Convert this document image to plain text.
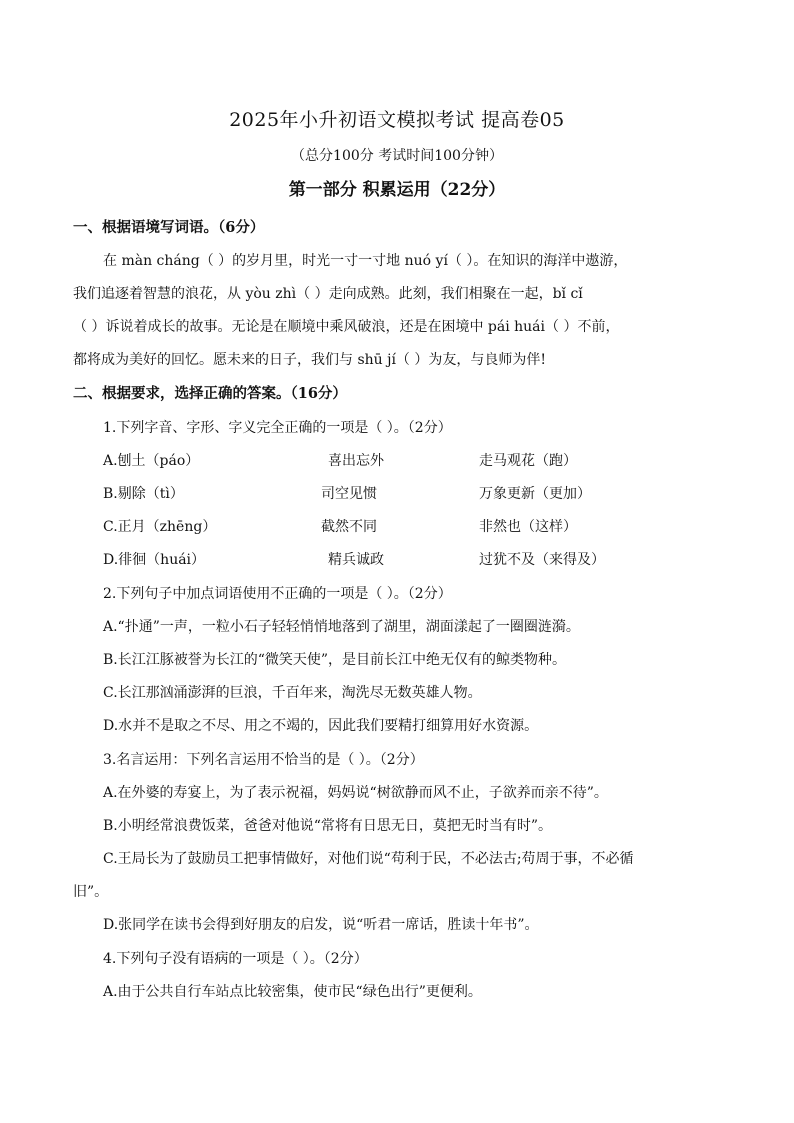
2025年小升初语文模拟考试 提高卷05
（总分100分 考试时间100分钟）
第一部分 积累运用（22分）
一、根据语境写词语。（6分）
在 màn cháng（ ）的岁月里，时光一寸一寸地 nuó yí（ ）。在知识的海洋中遨游，
我们追逐着智慧的浪花，从 yòu zhì（ ）走向成熟。此刻，我们相聚在一起，bǐ cǐ
（ ）诉说着成长的故事。无论是在顺境中乘风破浪，还是在困境中 pái huái（ ）不前，
都将成为美好的回忆。愿未来的日子，我们与 shū jí（ ）为友，与良师为伴!
二、根据要求，选择正确的答案。（16分）
1.下列字音、字形、字义完全正确的一项是（ ）。（2分）
A.刨土（páo）	喜出忘外	走马观花（跑）
B.剔除（tì）	司空见惯	万象更新（更加）
C.正月（zhēng）	截然不同	非然也（这样）
D.徘徊（huái）	精兵诚政	过犹不及（来得及）
2.下列句子中加点词语使用不正确的一项是（ ）。（2分）
A.“扑通”一声，一粒小石子轻轻悄悄地落到了湖里，湖面漾起了一圈圈涟漪。
B.长江江豚被誉为长江的“微笑天使”，是目前长江中绝无仅有的鲸类物种。
C.长江那汹涌澎湃的巨浪，千百年来，淘洗尽无数英雄人物。
D.水并不是取之不尽、用之不竭的，因此我们要精打细算用好水资源。
3.名言运用：下列名言运用不恰当的是（ ）。（2分）
A.在外婆的寿宴上，为了表示祝福，妈妈说“树欲静而风不止，子欲养而亲不待”。
B.小明经常浪费饭菜，爸爸对他说“常将有日思无日，莫把无时当有时”。
C.王局长为了鼓励员工把事情做好，对他们说“苟利于民，不必法古;苟周于事，不必循
旧”。
D.张同学在读书会得到好朋友的启发，说“听君一席话，胜读十年书”。
4.下列句子没有语病的一项是（ ）。（2分）
A.由于公共自行车站点比较密集，使市民“绿色出行”更便利。
